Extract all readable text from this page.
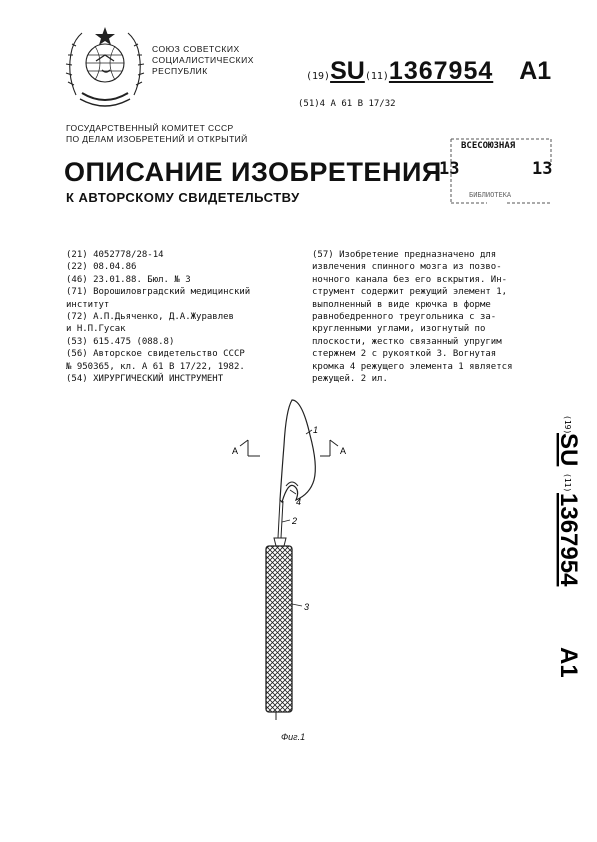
СОЮЗ СОВЕТСКИХ
СОЦИАЛИСТИЧЕСКИХ
РЕСПУБЛИК	(19)SU(11)1367954 А1
(51)4 А 61 В 17/32
ГОСУДАРСТВЕННЫЙ КОМИТЕТ СССР
ПО ДЕЛАМ ИЗОБРЕТЕНИЙ И ОТКРЫТИЙ
ОПИСАНИЕ ИЗОБРЕТЕНИЯ
К АВТОРСКОМУ СВИДЕТЕЛЬСТВУ
ВСЕСОЮЗНАЯ
13	13
БИБЛИОТЕКА
(21) 4052778/28-14
(22) 08.04.86
(46) 23.01.88. Бюл. № 3
(71) Ворошиловградский медицинский
институт
(72) А.П.Дьяченко, Д.А.Журавлев
и Н.П.Гусак
(53) 615.475 (088.8)
(56) Авторское свидетельство СССР
№ 950365, кл. А 61 В 17/22, 1982.
(54) ХИРУРГИЧЕСКИЙ ИНСТРУМЕНТ
(57) Изобретение предназначено для
извлечения спинного мозга из позво-
ночного канала без его вскрытия. Ин-
струмент содержит режущий элемент 1,
выполненный в виде крючка в форме
равнобедренного треугольника с за-
кругленными углами, изогнутый по
плоскости, жестко связанный упругим
стержнем 2 с рукояткой 3. Вогнутая
кромка 4 режущего элемента 1 является
режущей. 2 ил.
(19)
SU
(11)
1367954
A1
А	А
1
4
2
3
Фиг.1
